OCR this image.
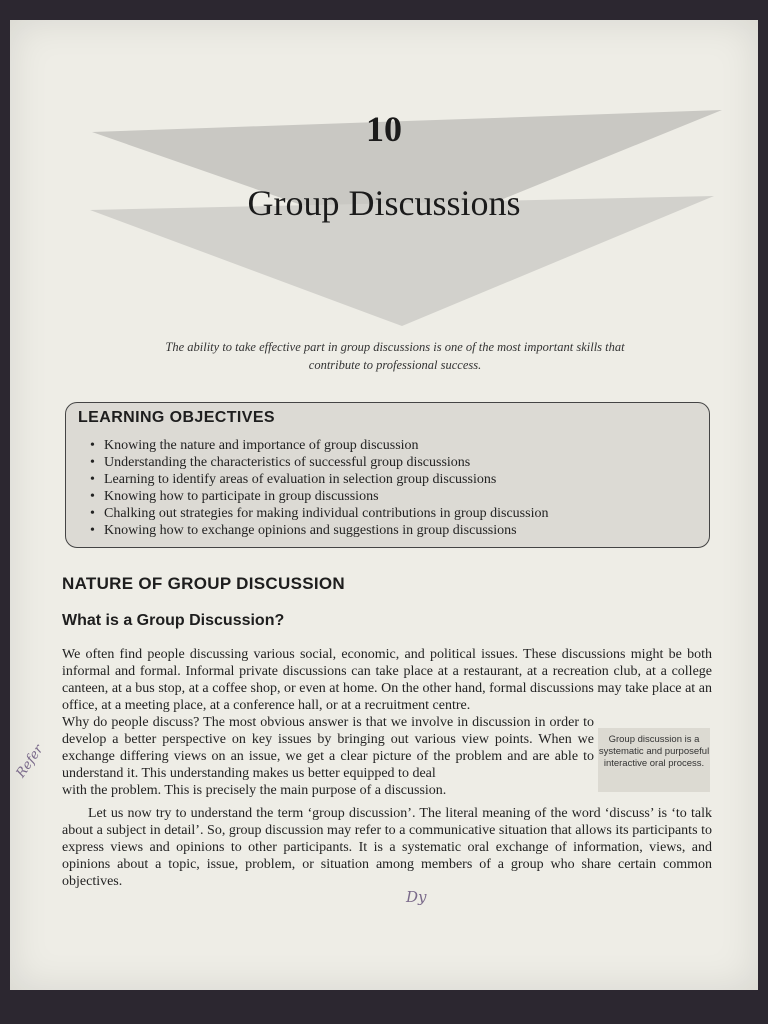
10
Group Discussions
The ability to take effective part in group discussions is one of the most important skills that
contribute to professional success.
LEARNING OBJECTIVES
• Knowing the nature and importance of group discussion
• Understanding the characteristics of successful group discussions
• Learning to identify areas of evaluation in selection group discussions
• Knowing how to participate in group discussions
• Chalking out strategies for making individual contributions in group discussion
• Knowing how to exchange opinions and suggestions in group discussions
NATURE OF GROUP DISCUSSION
What is a Group Discussion?
We often find people discussing various social, economic, and political issues. These discussions might be both informal and formal. Informal private discussions can take place at a restaurant, at a recreation club, at a college canteen, at a bus stop, at a coffee shop, or even at home. On the other hand, formal discussions may take place at an office, at a meeting place, at a conference hall, or at a recruitment centre.
Why do people discuss? The most obvious answer is that we involve in discussion in order to develop a better perspective on key issues by bringing out various view points. When we exchange differing views on an issue, we get a clear picture of the problem and are able to understand it. This understanding makes us better equipped to deal
with the problem. This is precisely the main purpose of a discussion.
Group discussion is a systematic and purposeful interactive oral process.

Let us now try to understand the term ‘group discussion’. The literal meaning of the word ‘discuss’ is ‘to talk about a subject in detail’. So, group discussion may refer to a communicative situation that allows its participants to express views and opinions to other participants. It is a systematic oral exchange of information, views, and opinions about a topic, issue, problem, or situation among members of a group who share certain common objectives.

Refer
Dy
